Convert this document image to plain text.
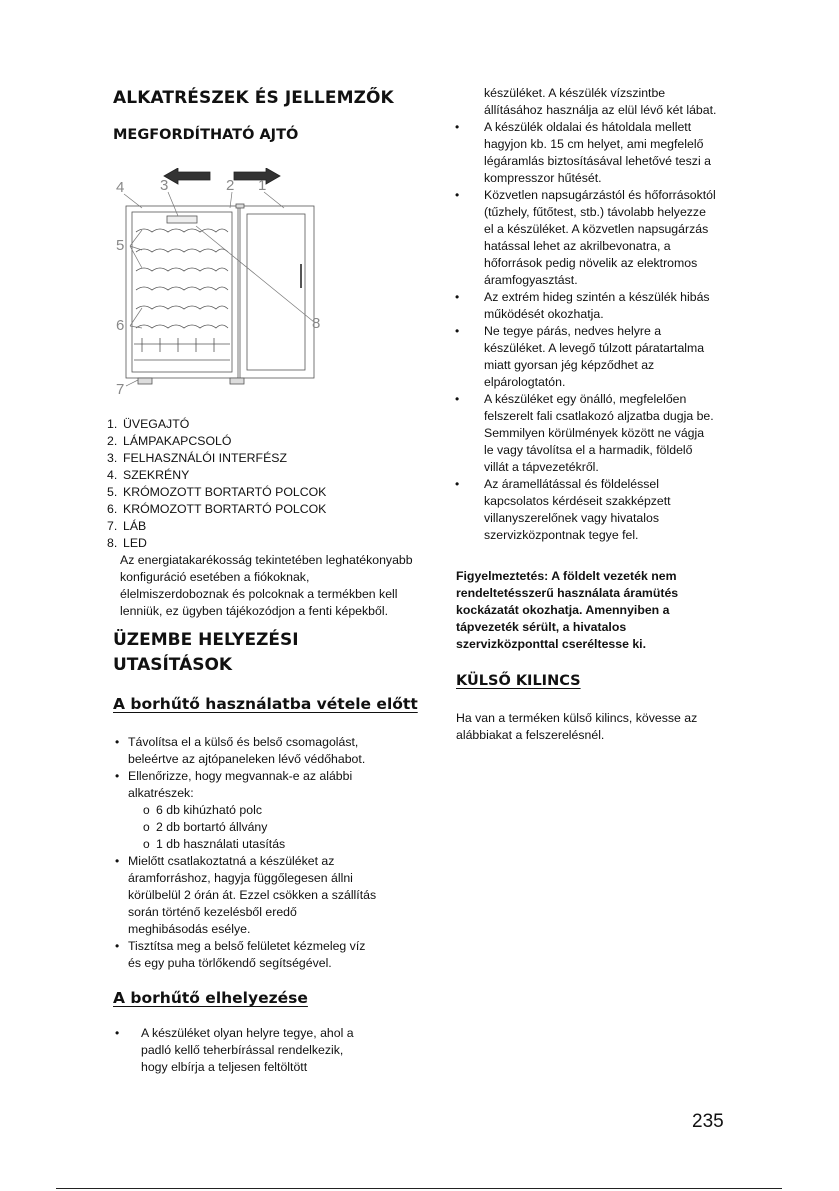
ALKATRÉSZEK ÉS JELLEMZŐK
MEGFORDÍTHATÓ AJTÓ
4 3	2 1
5
6	8
7
1. ÜVEGAJTÓ
2. LÁMPAKAPCSOLÓ
3. FELHASZNÁLÓI INTERFÉSZ
4. SZEKRÉNY
5. KRÓMOZOTT BORTARTÓ POLCOK
6. KRÓMOZOTT BORTARTÓ POLCOK
7. LÁB
8. LED
Az energiatakarékosság tekintetében leghatékonyabb
konfiguráció esetében a fiókoknak,
élelmiszerdoboznak és polcoknak a termékben kell
lenniük, ez ügyben tájékozódjon a fenti képekből.
ÜZEMBE HELYEZÉSI
UTASÍTÁSOK
A borhűtő használatba vétele előtt
Távolítsa el a külső és belső csomagolást,
•
beleértve az ajtópaneleken lévő védőhabot.
Ellenőrizze, hogy megvannak-e az alábbi
•
alkatrészek:
6 db kihúzható polc
o
2 db bortartó állvány
o
1 db használati utasítás
o
Mielőtt csatlakoztatná a készüléket az
•
áramforráshoz, hagyja függőlegesen állni
körülbelül 2 órán át. Ezzel csökken a szállítás
során történő kezelésből eredő
meghibásodás esélye.
Tisztítsa meg a belső felületet kézmeleg víz
•
és egy puha törlőkendő segítségével.
A borhűtő elhelyezése
A készüléket olyan helyre tegye, ahol a
•
padló kellő teherbírással rendelkezik,
hogy elbírja a teljesen feltöltött
készüléket. A készülék vízszintbe
állításához használja az elül lévő két lábat.
A készülék oldalai és hátoldala mellett
•
hagyjon kb. 15 cm helyet, ami megfelelő
légáramlás biztosításával lehetővé teszi a
kompresszor hűtését.
Közvetlen napsugárzástól és hőforrásoktól
•
(tűzhely, fűtőtest, stb.) távolabb helyezze
el a készüléket. A közvetlen napsugárzás
hatással lehet az akrilbevonatra, a
hőforrások pedig növelik az elektromos
áramfogyasztást.
Az extrém hideg szintén a készülék hibás
•
működését okozhatja.
Ne tegye párás, nedves helyre a
•
készüléket. A levegő túlzott páratartalma
miatt gyorsan jég képződhet az
elpárologtatón.
A készüléket egy önálló, megfelelően
•
felszerelt fali csatlakozó aljzatba dugja be.
Semmilyen körülmények között ne vágja
le vagy távolítsa el a harmadik, földelő
villát a tápvezetékről.
Az áramellátással és földeléssel
•
kapcsolatos kérdéseit szakképzett
villanyszerelőnek vagy hivatalos
szervizközpontnak tegye fel.
Figyelmeztetés: A földelt vezeték nem
rendeltetésszerű használata áramütés
kockázatát okozhatja. Amennyiben a
tápvezeték sérült, a hivatalos
szervizközponttal cseréltesse ki.
KÜLSŐ KILINCS
Ha van a terméken külső kilincs, kövesse az
alábbiakat a felszerelésnél.
235
